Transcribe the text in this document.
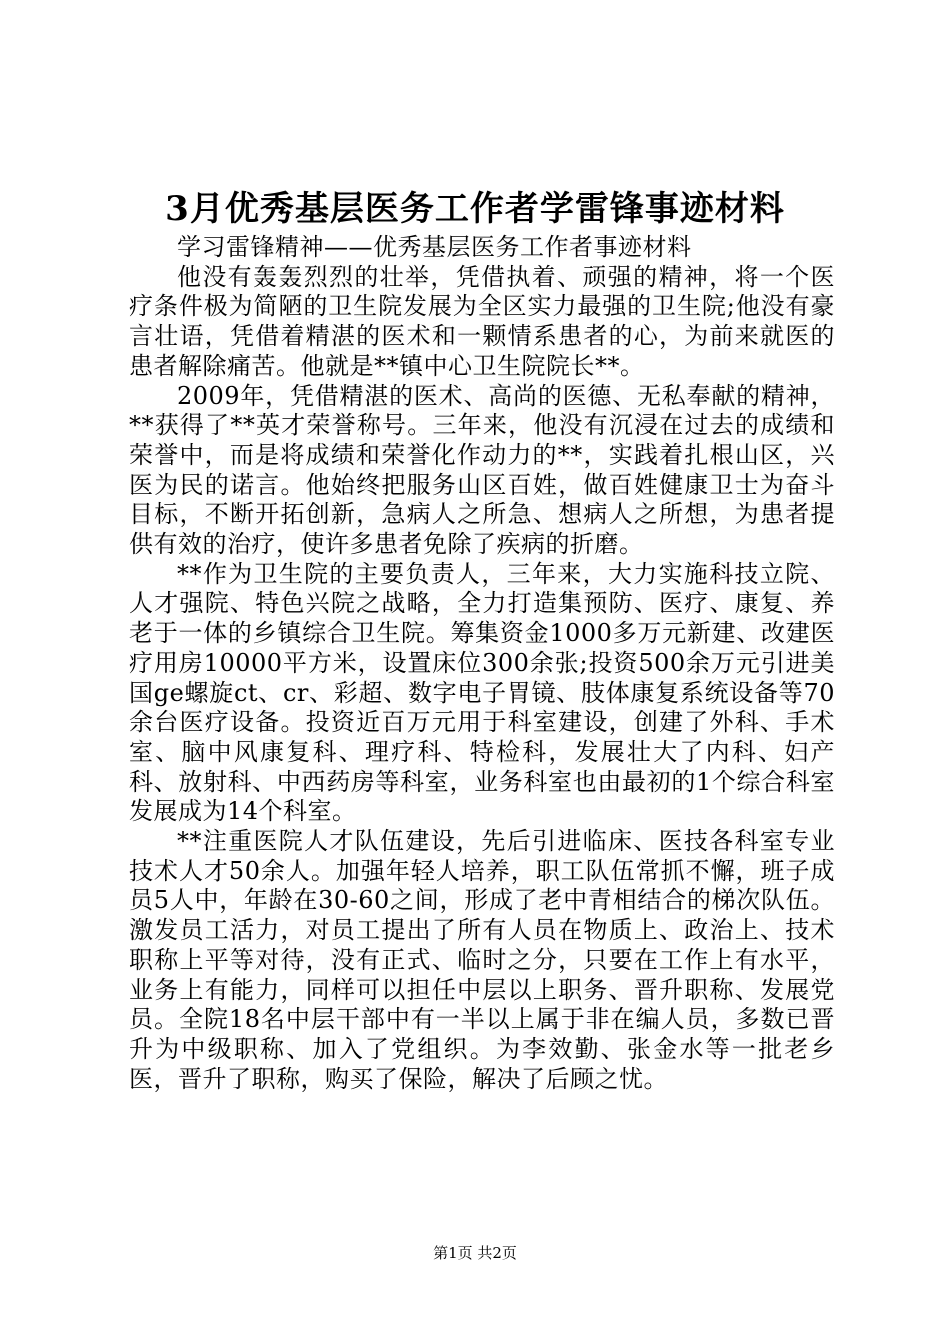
3月优秀基层医务工作者学雷锋事迹材料

学习雷锋精神——优秀基层医务工作者事迹材料

他没有轰轰烈烈的壮举，凭借执着、顽强的精神，将一个医疗条件极为简陋的卫生院发展为全区实力最强的卫生院;他没有豪言壮语，凭借着精湛的医术和一颗情系患者的心，为前来就医的患者解除痛苦。他就是**镇中心卫生院院长**。

2009年，凭借精湛的医术、高尚的医德、无私奉献的精神，**获得了**英才荣誉称号。三年来，他没有沉浸在过去的成绩和荣誉中，而是将成绩和荣誉化作动力的**，实践着扎根山区，兴医为民的诺言。他始终把服务山区百姓，做百姓健康卫士为奋斗目标，不断开拓创新，急病人之所急、想病人之所想，为患者提供有效的治疗，使许多患者免除了疾病的折磨。

**作为卫生院的主要负责人，三年来，大力实施科技立院、人才强院、特色兴院之战略，全力打造集预防、医疗、康复、养老于一体的乡镇综合卫生院。筹集资金1000多万元新建、改建医疗用房10000平方米，设置床位300余张;投资500余万元引进美国ge螺旋ct、cr、彩超、数字电子胃镜、肢体康复系统设备等70余台医疗设备。投资近百万元用于科室建设，创建了外科、手术室、脑中风康复科、理疗科、特检科，发展壮大了内科、妇产科、放射科、中西药房等科室，业务科室也由最初的1个综合科室发展成为14个科室。

**注重医院人才队伍建设，先后引进临床、医技各科室专业技术人才50余人。加强年轻人培养，职工队伍常抓不懈，班子成员5人中，年龄在30-60之间，形成了老中青相结合的梯次队伍。激发员工活力，对员工提出了所有人员在物质上、政治上、技术职称上平等对待，没有正式、临时之分，只要在工作上有水平，业务上有能力，同样可以担任中层以上职务、晋升职称、发展党员。全院18名中层干部中有一半以上属于非在编人员，多数已晋升为中级职称、加入了党组织。为李效勤、张金水等一批老乡医，晋升了职称，购买了保险，解决了后顾之忧。

第1页 共2页
